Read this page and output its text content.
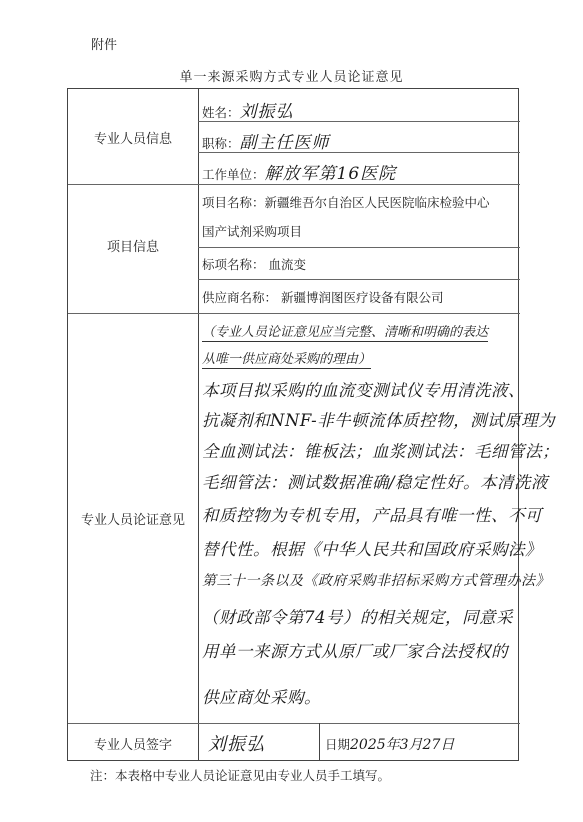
附件
单一来源采购方式专业人员论证意见
专业人员信息
姓名：刘振弘
职称：副主任医师
工作单位：解放军第16医院
项目信息
项目名称：新疆维吾尔自治区人民医院临床检验中心
国产试剂采购项目
标项名称： 血流变
供应商名称： 新疆博润图医疗设备有限公司
专业人员论证意见
（专业人员论证意见应当完整、清晰和明确的表达
从唯一供应商处采购的理由）
本项目拟采购的血流变测试仪专用清洗液、
抗凝剂和NNF-非牛顿流体质控物，测试原理为
全血测试法：锥板法；血浆测试法：毛细管法；
毛细管法：测试数据准确/稳定性好。本清洗液
和质控物为专机专用，产品具有唯一性、不可
替代性。根据《中华人民共和国政府采购法》
第三十一条以及《政府采购非招标采购方式管理办法》
（财政部令第74号）的相关规定，同意采
用单一来源方式从原厂或厂家合法授权的
供应商处采购。
专业人员签字	刘振弘	日期2025年3月27日
注：本表格中专业人员论证意见由专业人员手工填写。
